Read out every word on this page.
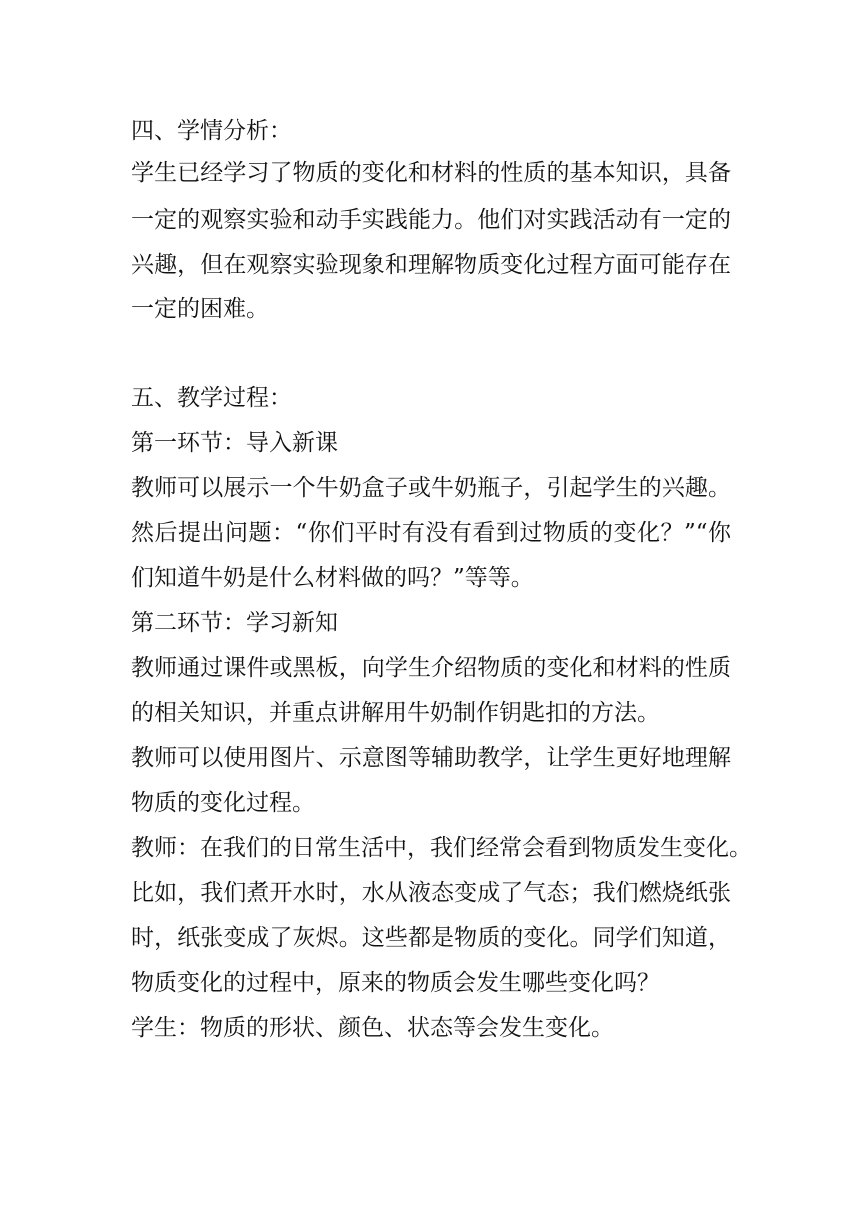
四、学情分析：
学生已经学习了物质的变化和材料的性质的基本知识，具备
一定的观察实验和动手实践能力。他们对实践活动有一定的
兴趣，但在观察实验现象和理解物质变化过程方面可能存在
一定的困难。
五、教学过程：
第一环节：导入新课
教师可以展示一个牛奶盒子或牛奶瓶子，引起学生的兴趣。
然后提出问题：“你们平时有没有看到过物质的变化？”“你
们知道牛奶是什么材料做的吗？”等等。
第二环节：学习新知
教师通过课件或黑板，向学生介绍物质的变化和材料的性质
的相关知识，并重点讲解用牛奶制作钥匙扣的方法。
教师可以使用图片、示意图等辅助教学，让学生更好地理解
物质的变化过程。
教师：在我们的日常生活中，我们经常会看到物质发生变化。
比如，我们煮开水时，水从液态变成了气态；我们燃烧纸张
时，纸张变成了灰烬。这些都是物质的变化。同学们知道，
物质变化的过程中，原来的物质会发生哪些变化吗？
学生：物质的形状、颜色、状态等会发生变化。
